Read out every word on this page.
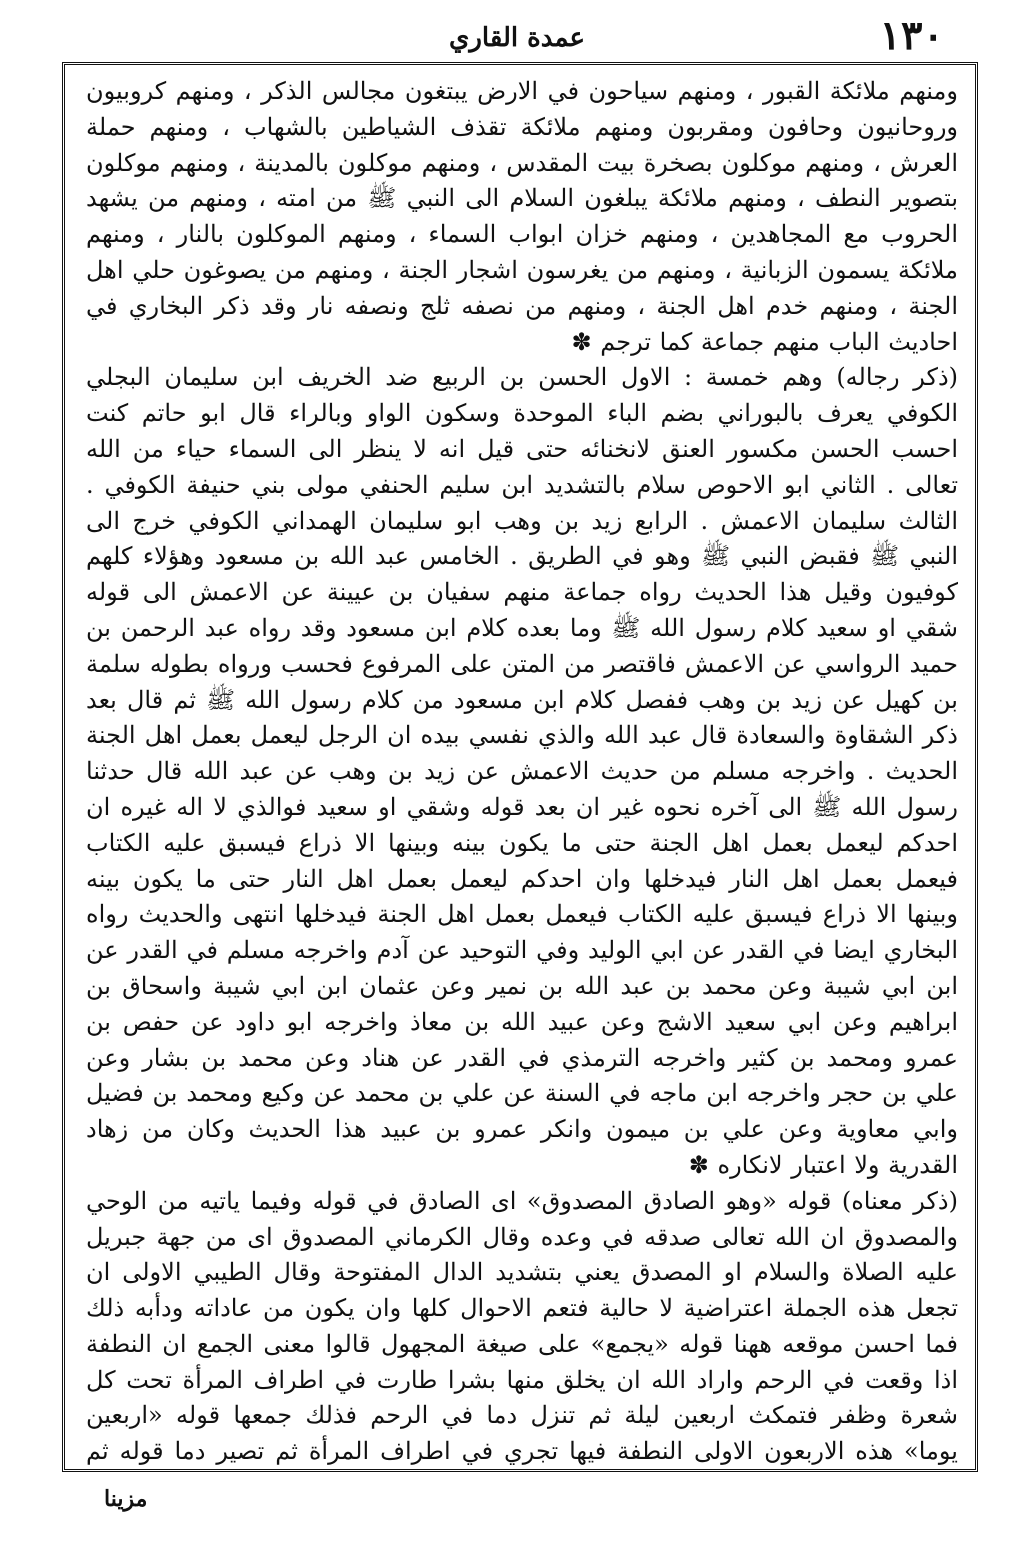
١٣٠
عمدة القاري

ومنهم ملائكة القبور ، ومنهم سياحون في الارض يبتغون مجالس الذكر ، ومنهم كروبيون وروحانيون وحافون ومقربون ومنهم ملائكة تقذف الشياطين بالشهاب ، ومنهم حملة العرش ، ومنهم موكلون بصخرة بيت المقدس ، ومنهم موكلون بالمدينة ، ومنهم موكلون بتصوير النطف ، ومنهم ملائكة يبلغون السلام الى النبي ﷺ من امته ، ومنهم من يشهد الحروب مع المجاهدين ، ومنهم خزان ابواب السماء ، ومنهم الموكلون بالنار ، ومنهم ملائكة يسمون الزبانية ، ومنهم من يغرسون اشجار الجنة ، ومنهم من يصوغون حلي اهل الجنة ، ومنهم خدم اهل الجنة ، ومنهم من نصفه ثلج ونصفه نار وقد ذكر البخاري في احاديث الباب منهم جماعة كما ترجم ✽

(ذكر رجاله) وهم خمسة : الاول الحسن بن الربيع ضد الخريف ابن سليمان البجلي الكوفي يعرف بالبوراني بضم الباء الموحدة وسكون الواو وبالراء قال ابو حاتم كنت احسب الحسن مكسور العنق لانخنائه حتى قيل انه لا ينظر الى السماء حياء من الله تعالى . الثاني ابو الاحوص سلام بالتشديد ابن سليم الحنفي مولى بني حنيفة الكوفي . الثالث سليمان الاعمش . الرابع زيد بن وهب ابو سليمان الهمداني الكوفي خرج الى النبي ﷺ فقبض النبي ﷺ وهو في الطريق . الخامس عبد الله بن مسعود وهؤلاء كلهم كوفيون وقيل هذا الحديث رواه جماعة منهم سفيان بن عيينة عن الاعمش الى قوله شقي او سعيد كلام رسول الله ﷺ وما بعده كلام ابن مسعود وقد رواه عبد الرحمن بن حميد الرواسي عن الاعمش فاقتصر من المتن على المرفوع فحسب ورواه بطوله سلمة بن كهيل عن زيد بن وهب ففصل كلام ابن مسعود من كلام رسول الله ﷺ ثم قال بعد ذكر الشقاوة والسعادة قال عبد الله والذي نفسي بيده ان الرجل ليعمل بعمل اهل الجنة الحديث . واخرجه مسلم من حديث الاعمش عن زيد بن وهب عن عبد الله قال حدثنا رسول الله ﷺ الى آخره نحوه غير ان بعد قوله وشقي او سعيد فوالذي لا اله غيره ان احدكم ليعمل بعمل اهل الجنة حتى ما يكون بينه وبينها الا ذراع فيسبق عليه الكتاب فيعمل بعمل اهل النار فيدخلها وان احدكم ليعمل بعمل اهل النار حتى ما يكون بينه وبينها الا ذراع فيسبق عليه الكتاب فيعمل بعمل اهل الجنة فيدخلها انتهى والحديث رواه البخاري ايضا في القدر عن ابي الوليد وفي التوحيد عن آدم واخرجه مسلم في القدر عن ابن ابي شيبة وعن محمد بن عبد الله بن نمير وعن عثمان ابن ابي شيبة واسحاق بن ابراهيم وعن ابي سعيد الاشج وعن عبيد الله بن معاذ واخرجه ابو داود عن حفص بن عمرو ومحمد بن كثير واخرجه الترمذي في القدر عن هناد وعن محمد بن بشار وعن علي بن حجر واخرجه ابن ماجه في السنة عن علي بن محمد عن وكيع ومحمد بن فضيل وابي معاوية وعن علي بن ميمون وانكر عمرو بن عبيد هذا الحديث وكان من زهاد القدرية ولا اعتبار لانكاره ✽

(ذكر معناه) قوله «وهو الصادق المصدوق» اى الصادق في قوله وفيما ياتيه من الوحي والمصدوق ان الله تعالى صدقه في وعده وقال الكرماني المصدوق اى من جهة جبريل عليه الصلاة والسلام او المصدق يعني بتشديد الدال المفتوحة وقال الطيبي الاولى ان تجعل هذه الجملة اعتراضية لا حالية فتعم الاحوال كلها وان يكون من عاداته ودأبه ذلك فما احسن موقعه ههنا قوله «يجمع» على صيغة المجهول قالوا معنى الجمع ان النطفة اذا وقعت في الرحم واراد الله ان يخلق منها بشرا طارت في اطراف المرأة تحت كل شعرة وظفر فتمكث اربعين ليلة ثم تنزل دما في الرحم فذلك جمعها قوله «اربعين يوما» هذه الاربعون الاولى النطفة فيها تجري في اطراف المرأة ثم تصير دما قوله ثم

مزينا
